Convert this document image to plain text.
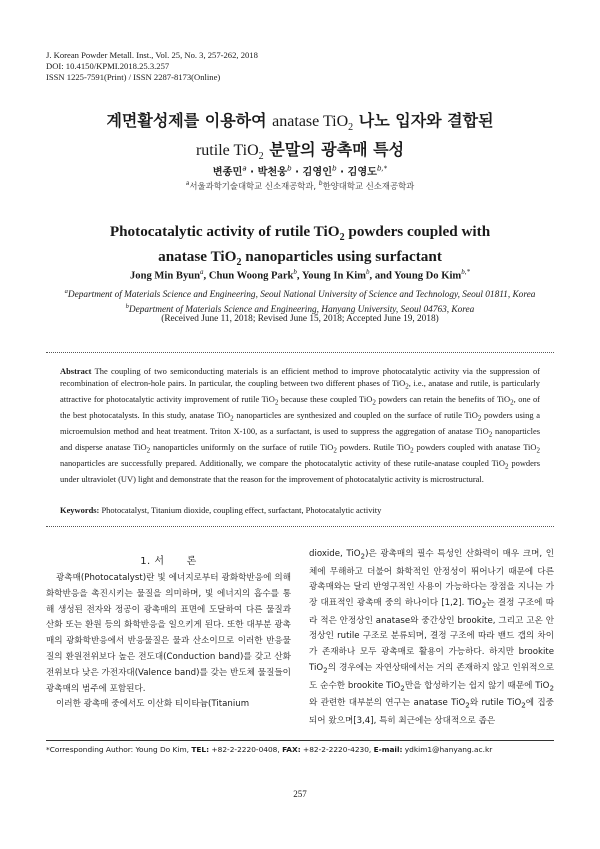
J. Korean Powder Metall. Inst., Vol. 25, No. 3, 257-262, 2018
DOI: 10.4150/KPMI.2018.25.3.257
ISSN 1225-7591(Print) / ISSN 2287-8173(Online)
계면활성제를 이용하여 anatase TiO$_2$ 나노 입자와 결합된
rutile TiO$_2$ 분말의 광촉매 특성
변종민$^a$ · 박천웅$^b$ · 김영인$^b$ · 김영도$^{b,*}$
$^a$서울과학기술대학교 신소재공학과, $^b$한양대학교 신소재공학과
Photocatalytic activity of rutile TiO$_2$ powders coupled with
anatase TiO$_2$ nanoparticles using surfactant
Jong Min Byun$^a$, Chun Woong Park$^b$, Young In Kim$^b$, and Young Do Kim$^{b,*}$
$^a$Department of Materials Science and Engineering, Seoul National University of Science and Technology, Seoul 01811, Korea
$^b$Department of Materials Science and Engineering, Hanyang University, Seoul 04763, Korea
(Received June 11, 2018; Revised June 15, 2018; Accepted June 19, 2018)
Abstract The coupling of two semiconducting materials is an efficient method to improve photocatalytic activity via the suppression of recombination of electron-hole pairs. In particular, the coupling between two different phases of TiO$_2$, i.e., anatase and rutile, is particularly attractive for photocatalytic activity improvement of rutile TiO$_2$ because these coupled TiO$_2$ powders can retain the benefits of TiO$_2$, one of the best photocatalysts. In this study, anatase TiO$_2$ nanoparticles are synthesized and coupled on the surface of rutile TiO$_2$ powders using a microemulsion method and heat treatment. Triton X-100, as a surfactant, is used to suppress the aggregation of anatase TiO$_2$ nanoparticles and disperse anatase TiO$_2$ nanoparticles uniformly on the surface of rutile TiO$_2$ powders. Rutile TiO$_2$ powders coupled with anatase TiO$_2$ nanoparticles are successfully prepared. Additionally, we compare the photocatalytic activity of these rutile-anatase coupled TiO$_2$ powders under ultraviolet (UV) light and demonstrate that the reason for the improvement of photocatalytic activity is microstructural.
Keywords: Photocatalyst, Titanium dioxide, coupling effect, surfactant, Photocatalytic activity
1. 서      론

광촉매(Photocatalyst)란 빛 에너지로부터 광화학반응에 의해 화학반응을 촉진시키는 물질을 의미하며, 빛 에너지의 흡수를 통해 생성된 전자와 정공이 광촉매의 표면에 도달하여 다른 물질과 산화 또는 환원 등의 화학반응을 일으키게 된다. 또한 대부분 광촉매의 광화학반응에서 반응물질은 물과 산소이므로 이러한 반응물질의 환원전위보다 높은 전도대(Conduction band)를 갖고 산화전위보다 낮은 가전자대(Valence band)를 갖는 반도체 물질들이 광촉매의 범주에 포함된다.

이러한 광촉매 중에서도 이산화 티이타늄(Titanium

dioxide, TiO$_2$)은 광촉매의 필수 특성인 산화력이 매우 크며, 인체에 무해하고 더불어 화학적인 안정성이 뛰어나기 때문에 다른 광촉매와는 달리 반영구적인 사용이 가능하다는 장점을 지니는 가장 대표적인 광촉매 중의 하나이다 [1,2]. TiO$_2$는 결정 구조에 따라 적은 안정상인 anatase와 중간상인 brookite, 그리고 고온 안정상인 rutile 구조로 분류되며, 결정 구조에 따라 밴드 갭의 차이가 존재하나 모두 광촉매로 활용이 가능하다. 하지만 brookite TiO$_2$의 경우에는 자연상태에서는 거의 존재하지 않고 인위적으로도 순수한 brookite TiO$_2$만을 합성하기는 쉽지 않기 때문에 TiO$_2$와 관련한 대부분의 연구는 anatase TiO$_2$와 rutile TiO$_2$에 집중되어 왔으며[3,4], 특히 최근에는 상대적으로 좁은

*Corresponding Author: Young Do Kim, TEL: +82-2-2220-0408, FAX: +82-2-2220-4230, E-mail: ydkim1@hanyang.ac.kr
257
